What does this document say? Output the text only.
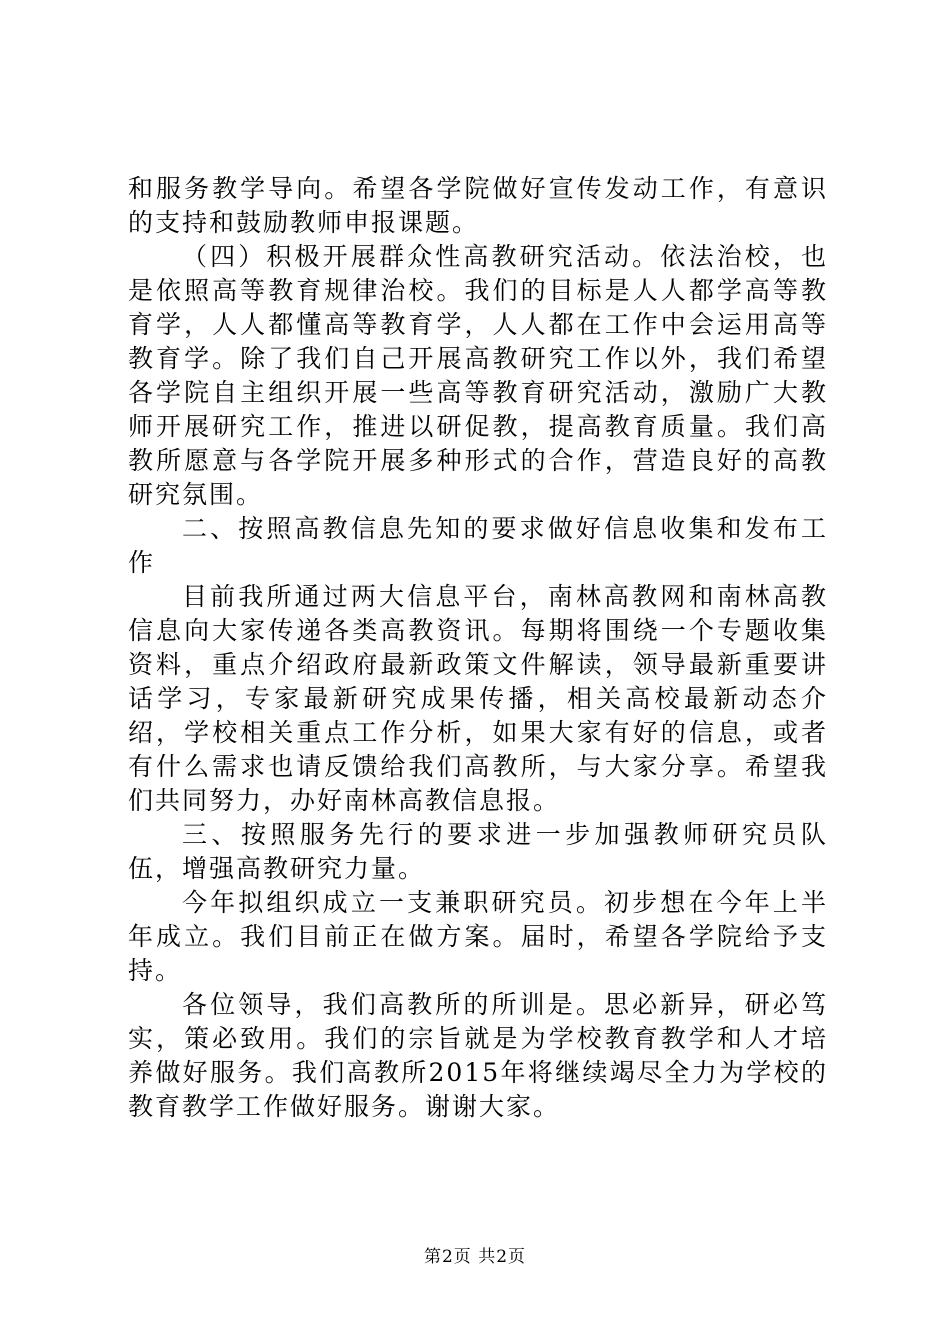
和服务教学导向。希望各学院做好宣传发动工作，有意识的支持和鼓励教师申报课题。

（四）积极开展群众性高教研究活动。依法治校，也是依照高等教育规律治校。我们的目标是人人都学高等教育学，人人都懂高等教育学，人人都在工作中会运用高等教育学。除了我们自己开展高教研究工作以外，我们希望各学院自主组织开展一些高等教育研究活动，激励广大教师开展研究工作，推进以研促教，提高教育质量。我们高教所愿意与各学院开展多种形式的合作，营造良好的高教研究氛围。

二、按照高教信息先知的要求做好信息收集和发布工作

目前我所通过两大信息平台，南林高教网和南林高教信息向大家传递各类高教资讯。每期将围绕一个专题收集资料，重点介绍政府最新政策文件解读，领导最新重要讲话学习，专家最新研究成果传播，相关高校最新动态介绍，学校相关重点工作分析，如果大家有好的信息，或者有什么需求也请反馈给我们高教所，与大家分享。希望我们共同努力，办好南林高教信息报。

三、按照服务先行的要求进一步加强教师研究员队伍，增强高教研究力量。

今年拟组织成立一支兼职研究员。初步想在今年上半年成立。我们目前正在做方案。届时，希望各学院给予支持。

各位领导，我们高教所的所训是。思必新异，研必笃实，策必致用。我们的宗旨就是为学校教育教学和人才培养做好服务。我们高教所2015年将继续竭尽全力为学校的教育教学工作做好服务。谢谢大家。

第2页 共2页
